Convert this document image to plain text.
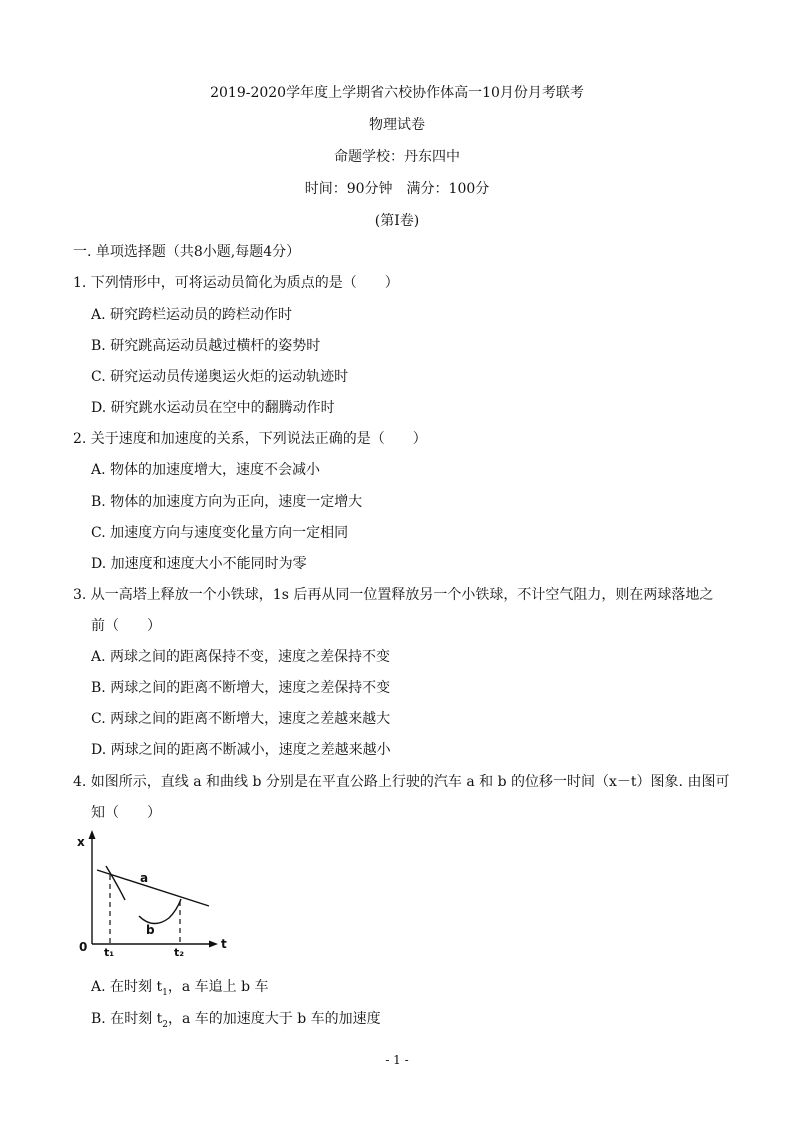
2019-2020学年度上学期省六校协作体高一10月份月考联考
物理试卷
命题学校：丹东四中
时间：90分钟　满分：100分
(第Ⅰ卷)
一. 单项选择题（共8小题,每题4分）
1. 下列情形中，可将运动员简化为质点的是（　　）
A. 研究跨栏运动员的跨栏动作时
B. 研究跳高运动员越过横杆的姿势时
C. 研究运动员传递奥运火炬的运动轨迹时
D. 研究跳水运动员在空中的翻腾动作时
2. 关于速度和加速度的关系，下列说法正确的是（　　）
A. 物体的加速度增大，速度不会减小
B. 物体的加速度方向为正向，速度一定增大
C. 加速度方向与速度变化量方向一定相同
D. 加速度和速度大小不能同时为零
3. 从一高塔上释放一个小铁球，1s 后再从同一位置释放另一个小铁球，不计空气阻力，则在两球落地之
前（　　）
A. 两球之间的距离保持不变，速度之差保持不变
B. 两球之间的距离不断增大，速度之差保持不变
C. 两球之间的距离不断增大，速度之差越来越大
D. 两球之间的距离不断减小，速度之差越来越小
4. 如图所示，直线 a 和曲线 b 分别是在平直公路上行驶的汽车 a 和 b 的位移一时间（x－t）图象. 由图可
知（　　）
x
t
0
a
b
t₁	t₂
A. 在时刻 $t_1$，a 车追上 b 车
B. 在时刻 $t_2$，a 车的加速度大于 b 车的加速度
- 1 -
